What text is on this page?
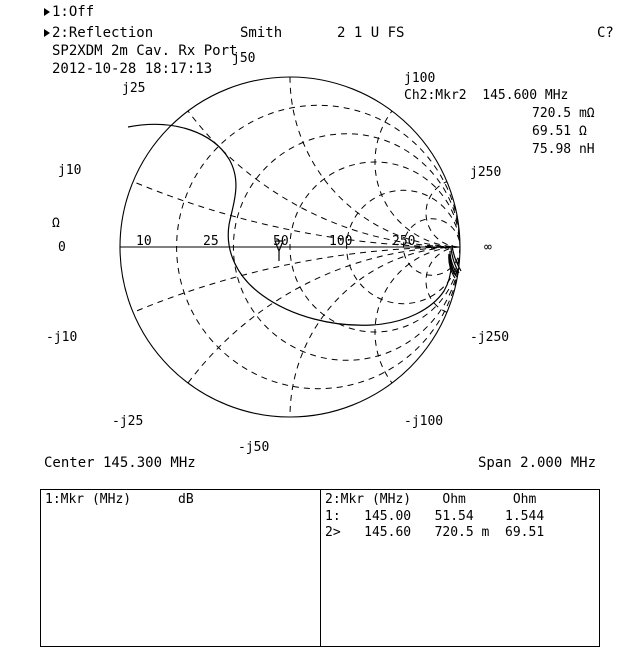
1:Off
2:Reflection	Smith	2 1 U FS	C?
SP2XDM 2m Cav. Rx Port
2012-10-28 18:17:13
Ch2:Mkr2  145.600 MHz
720.5 mΩ
69.51 Ω
75.98 nH
0	10	25	50	100	250
Ω
∞
j10
j25
j50
j100
j250
-j10
-j25
-j50
-j100
-j250
Center 145.300 MHz	Span 2.000 MHz
1:Mkr (MHz)      dB	2:Mkr (MHz)    Ohm      Ohm
1:   145.00   51.54    1.544
2>   145.60   720.5 m  69.51
